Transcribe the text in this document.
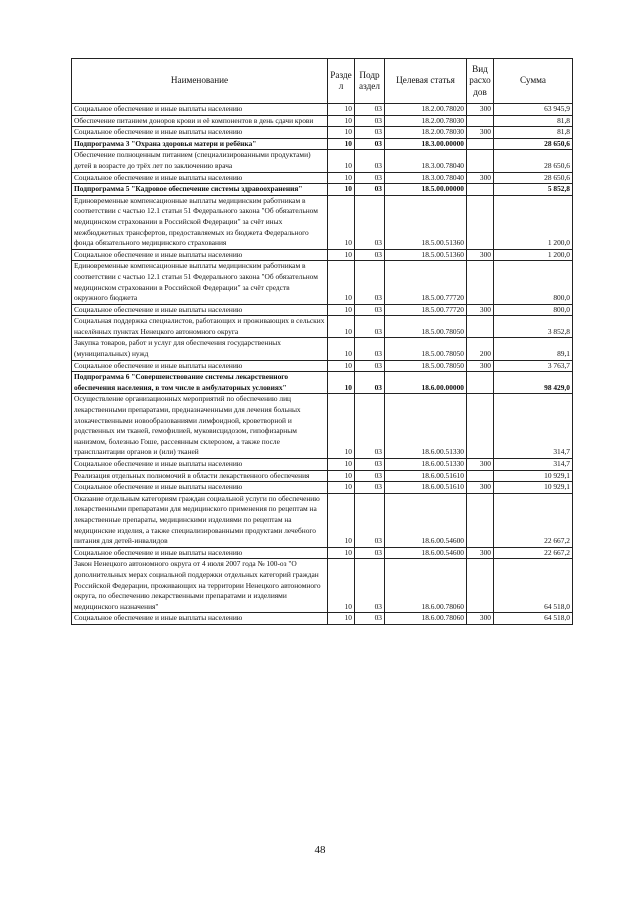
Наименование	Разде л	Подр аздел	Целевая статья	Вид расхо дов	Сумма
Социальное обеспечение и иные выплаты населению	10	03	18.2.00.78020	300	63 945,9
Обеспечение питанием доноров крови и её компонентов в день сдачи крови	10	03	18.2.00.78030		81,8
Социальное обеспечение и иные выплаты населению	10	03	18.2.00.78030	300	81,8
Подпрограмма 3 "Охрана здоровья матери и ребёнка"	10	03	18.3.00.00000		28 650,6
Обеспечение полноценным питанием (специализированными продуктами) детей в возрасте до трёх лет по заключению врача	10	03	18.3.00.78040		28 650,6
Социальное обеспечение и иные выплаты населению	10	03	18.3.00.78040	300	28 650,6
Подпрограмма 5 "Кадровое обеспечение системы здравоохранения"	10	03	18.5.00.00000		5 852,8
Единовременные компенсационные выплаты медицинским работникам в соответствии с частью 12.1 статьи 51 Федерального закона "Об обязательном медицинском страховании в Российской Федерации" за счёт иных межбюджетных трансфертов, предоставляемых из бюджета Федерального фонда обязательного медицинского страхования	10	03	18.5.00.51360		1 200,0
Социальное обеспечение и иные выплаты населению	10	03	18.5.00.51360	300	1 200,0
Единовременные компенсационные выплаты медицинским работникам в соответствии с частью 12.1 статьи 51 Федерального закона "Об обязательном медицинском страховании в Российской Федерации" за счёт средств окружного бюджета	10	03	18.5.00.77720		800,0
Социальное обеспечение и иные выплаты населению	10	03	18.5.00.77720	300	800,0
Социальная поддержка специалистов, работающих и проживающих в сельских населённых пунктах Ненецкого автономного округа	10	03	18.5.00.78050		3 852,8
Закупка товаров, работ и услуг для обеспечения государственных (муниципальных) нужд	10	03	18.5.00.78050	200	89,1
Социальное обеспечение и иные выплаты населению	10	03	18.5.00.78050	300	3 763,7
Подпрограмма 6 "Совершенствование системы лекарственного обеспечения населения, в том числе в амбулаторных условиях"	10	03	18.6.00.00000		98 429,0
Осуществление организационных мероприятий по обеспечению лиц лекарственными препаратами, предназначенными для лечения больных злокачественными новообразованиями лимфоидной, кроветворной и родственных им тканей, гемофилией, муковисцидозом, гипофизарным нанизмом, болезнью Гоше, рассеянным склерозом, а также после трансплантации органов и (или) тканей	10	03	18.6.00.51330		314,7
Социальное обеспечение и иные выплаты населению	10	03	18.6.00.51330	300	314,7
Реализация отдельных полномочий в области лекарственного обеспечения	10	03	18.6.00.51610		10 929,1
Социальное обеспечение и иные выплаты населению	10	03	18.6.00.51610	300	10 929,1
Оказание отдельным категориям граждан социальной услуги по обеспечению лекарственными препаратами для медицинского применения по рецептам на лекарственные препараты, медицинскими изделиями по рецептам на медицинские изделия, а также специализированными продуктами лечебного питания для детей-инвалидов	10	03	18.6.00.54600		22 667,2
Социальное обеспечение и иные выплаты населению	10	03	18.6.00.54600	300	22 667,2
Закон Ненецкого автономного округа от 4 июля 2007 года № 100-оз "О дополнительных мерах социальной поддержки отдельных категорий граждан Российской Федерации, проживающих на территории Ненецкого автономного округа, по обеспечению лекарственными препаратами и изделиями медицинского назначения"	10	03	18.6.00.78060		64 518,0
Социальное обеспечение и иные выплаты населению	10	03	18.6.00.78060	300	64 518,0
48
